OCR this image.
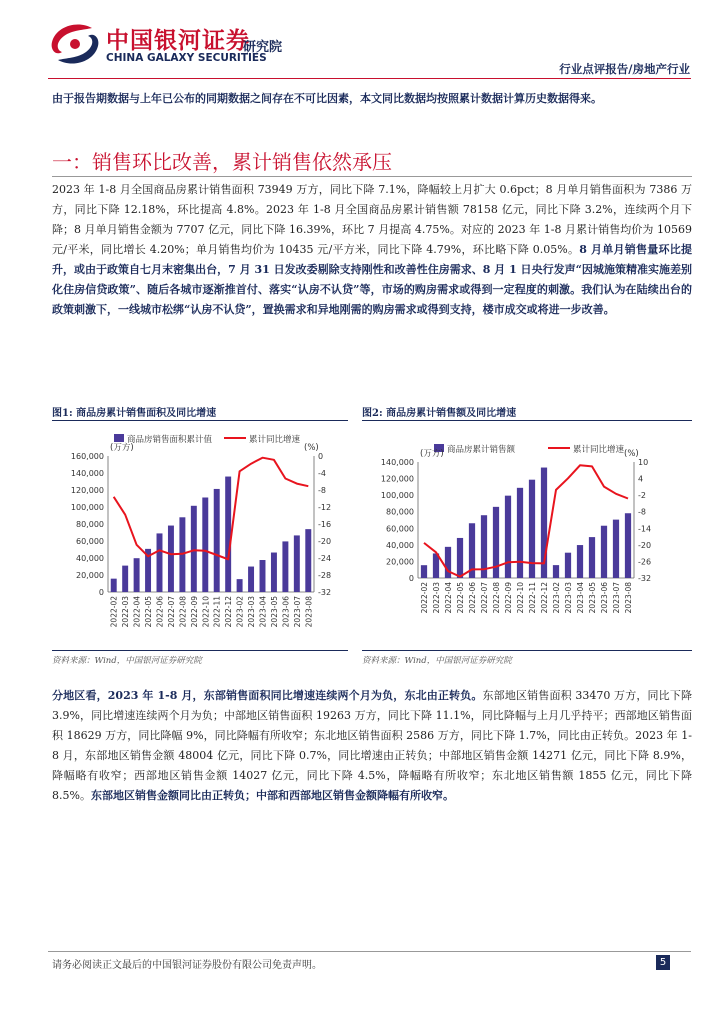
中国银河证券
CHINA GALAXY SECURITIES
研究院
行业点评报告/房地产行业
由于报告期数据与上年已公布的同期数据之间存在不可比因素，本文同比数据均按照累计数据计算历史数据得来。
一：销售环比改善，累计销售依然承压
2023 年 1-8 月全国商品房累计销售面积 73949 万方，同比下降 7.1%，降幅较上月扩大 0.6pct；8 月单月销售面积为 7386 万方，同比下降 12.18%，环比提高 4.8%。2023 年 1-8 月全国商品房累计销售额 78158 亿元，同比下降 3.2%，连续两个月下降；8 月单月销售金额为 7707 亿元，同比下降 16.39%，环比 7 月提高 4.75%。对应的 2023 年 1-8 月累计销售均价为 10569 元/平米，同比增长 4.20%；单月销售均价为 10435 元/平方米，同比下降 4.79%，环比略下降 0.05%。8 月单月销售量环比提升，或由于政策自七月末密集出台，7 月 31 日发改委剔除支持刚性和改善性住房需求、8 月 1 日央行发声“因城施策精准实施差别化住房信贷政策”、随后各城市逐渐推首付、落实“认房不认贷”等，市场的购房需求或得到一定程度的刺激。我们认为在陆续出台的政策刺激下，一线城市松绑“认房不认贷”，置换需求和异地刚需的购房需求或得到支持，楼市成交或将进一步改善。
图1: 商品房累计销售面积及同比增速
商品房销售面积累计值	累计同比增速
(万方)	(%)
160,000
140,000
120,000
100,000
80,000
60,000
40,000
20,000
0
0
-4
-8
-12
-16
-20
-24
-28
-32
2022-02 2022-03 2022-04 2022-05 2022-06 2022-07 2022-08 2022-09 2022-10 2022-11 2022-12 2023-02 2023-03 2023-04 2023-05 2023-06 2023-07 2023-08
资料来源：Wind，中国银河证券研究院
图2: 商品房累计销售额及同比增速
商品房累计销售额	累计同比增速
(万方)	(%)
140,000
120,000
100,000
80,000
60,000
40,000
20,000
0
10
4
-2
-8
-14
-20
-26
-32
2022-02 2022-03 2022-04 2022-05 2022-06 2022-07 2022-08 2022-09 2022-10 2022-11 2022-12 2023-02 2023-03 2023-04 2023-05 2023-06 2023-07 2023-08
资料来源：Wind，中国银河证券研究院
分地区看，2023 年 1-8 月，东部销售面积同比增速连续两个月为负，东北由正转负。东部地区销售面积 33470 万方，同比下降 3.9%，同比增速连续两个月为负；中部地区销售面积 19263 万方，同比下降 11.1%，同比降幅与上月几乎持平；西部地区销售面积 18629 万方，同比降幅 9%，同比降幅有所收窄；东北地区销售面积 2586 万方，同比下降 1.7%，同比由正转负。2023 年 1-8 月，东部地区销售金额 48004 亿元，同比下降 0.7%，同比增速由正转负；中部地区销售金额 14271 亿元，同比下降 8.9%，降幅略有收窄；西部地区销售金额 14027 亿元，同比下降 4.5%，降幅略有所收窄；东北地区销售额 1855 亿元，同比下降 8.5%。东部地区销售金额同比由正转负；中部和西部地区销售金额降幅有所收窄。
请务必阅读正文最后的中国银河证券股份有限公司免责声明。	5
